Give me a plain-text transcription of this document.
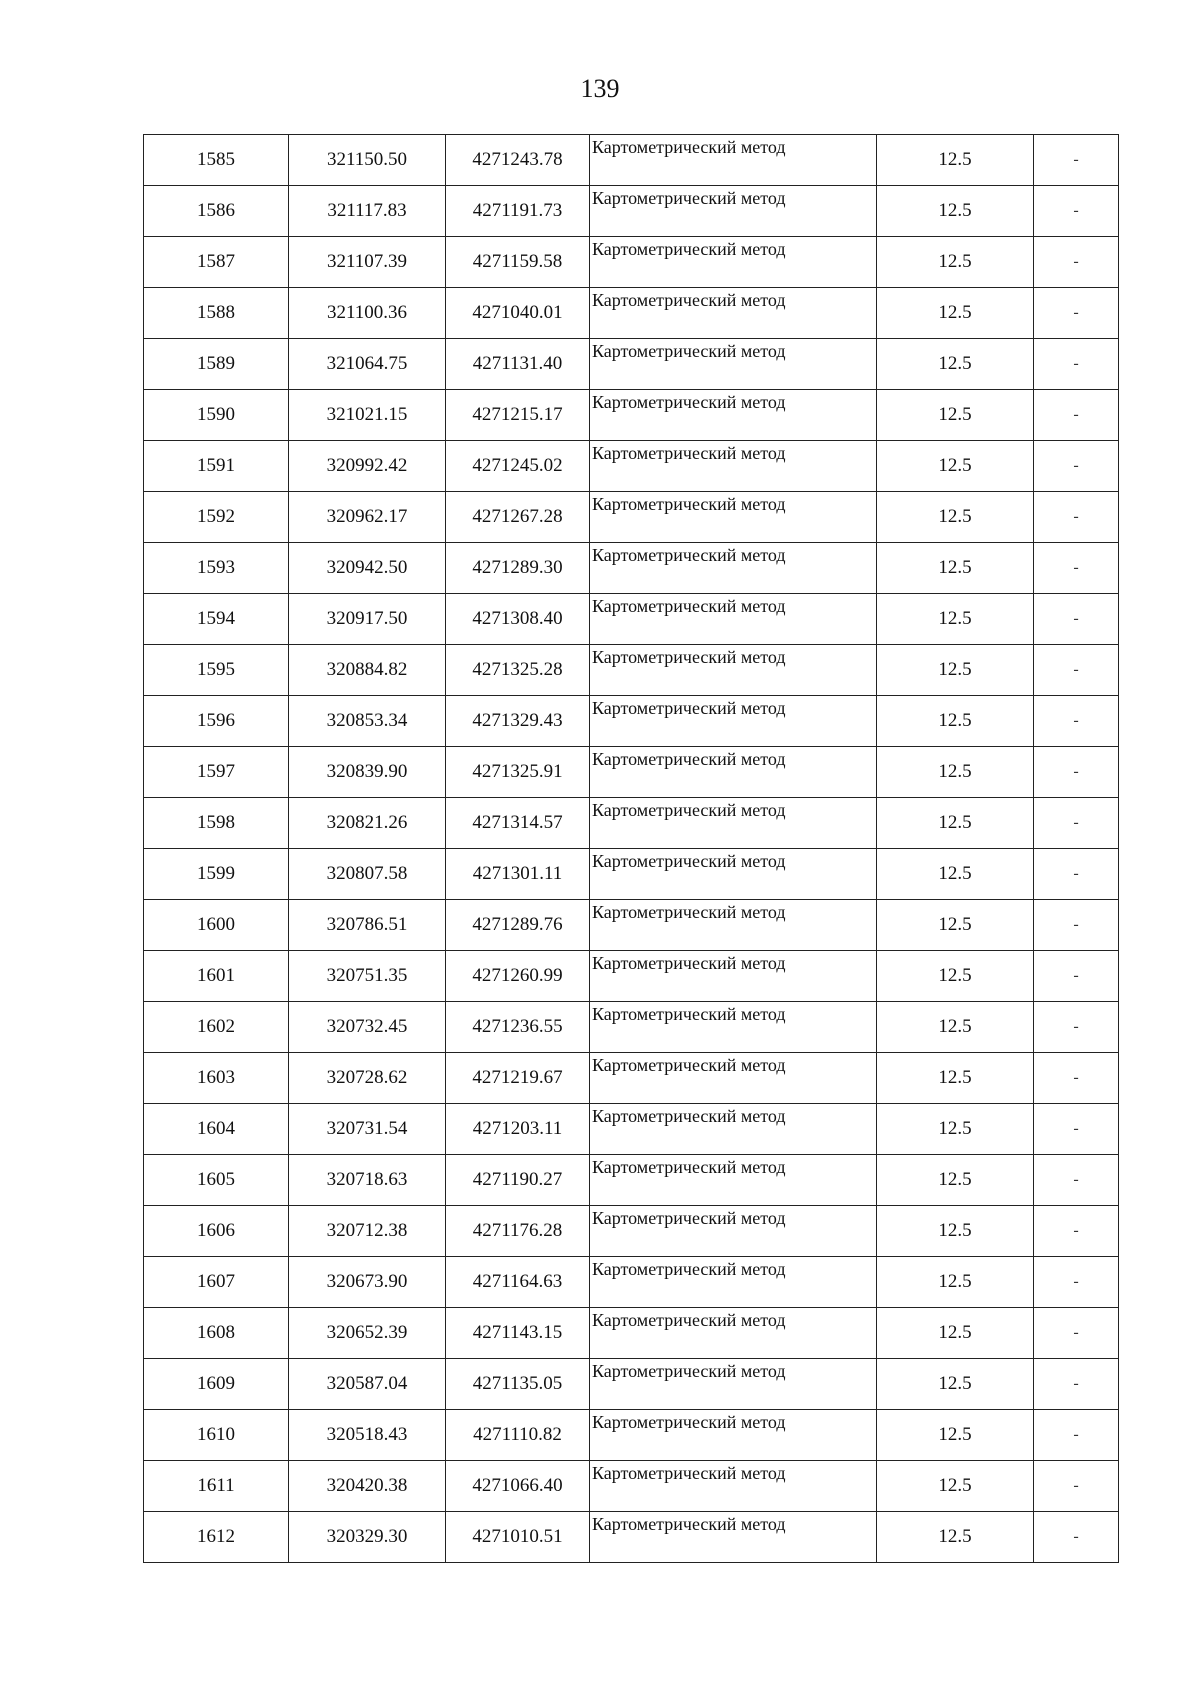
139
1585	321150.50	4271243.78	Картометрический метод	12.5	-
1586	321117.83	4271191.73	Картометрический метод	12.5	-
1587	321107.39	4271159.58	Картометрический метод	12.5	-
1588	321100.36	4271040.01	Картометрический метод	12.5	-
1589	321064.75	4271131.40	Картометрический метод	12.5	-
1590	321021.15	4271215.17	Картометрический метод	12.5	-
1591	320992.42	4271245.02	Картометрический метод	12.5	-
1592	320962.17	4271267.28	Картометрический метод	12.5	-
1593	320942.50	4271289.30	Картометрический метод	12.5	-
1594	320917.50	4271308.40	Картометрический метод	12.5	-
1595	320884.82	4271325.28	Картометрический метод	12.5	-
1596	320853.34	4271329.43	Картометрический метод	12.5	-
1597	320839.90	4271325.91	Картометрический метод	12.5	-
1598	320821.26	4271314.57	Картометрический метод	12.5	-
1599	320807.58	4271301.11	Картометрический метод	12.5	-
1600	320786.51	4271289.76	Картометрический метод	12.5	-
1601	320751.35	4271260.99	Картометрический метод	12.5	-
1602	320732.45	4271236.55	Картометрический метод	12.5	-
1603	320728.62	4271219.67	Картометрический метод	12.5	-
1604	320731.54	4271203.11	Картометрический метод	12.5	-
1605	320718.63	4271190.27	Картометрический метод	12.5	-
1606	320712.38	4271176.28	Картометрический метод	12.5	-
1607	320673.90	4271164.63	Картометрический метод	12.5	-
1608	320652.39	4271143.15	Картометрический метод	12.5	-
1609	320587.04	4271135.05	Картометрический метод	12.5	-
1610	320518.43	4271110.82	Картометрический метод	12.5	-
1611	320420.38	4271066.40	Картометрический метод	12.5	-
1612	320329.30	4271010.51	Картометрический метод	12.5	-
